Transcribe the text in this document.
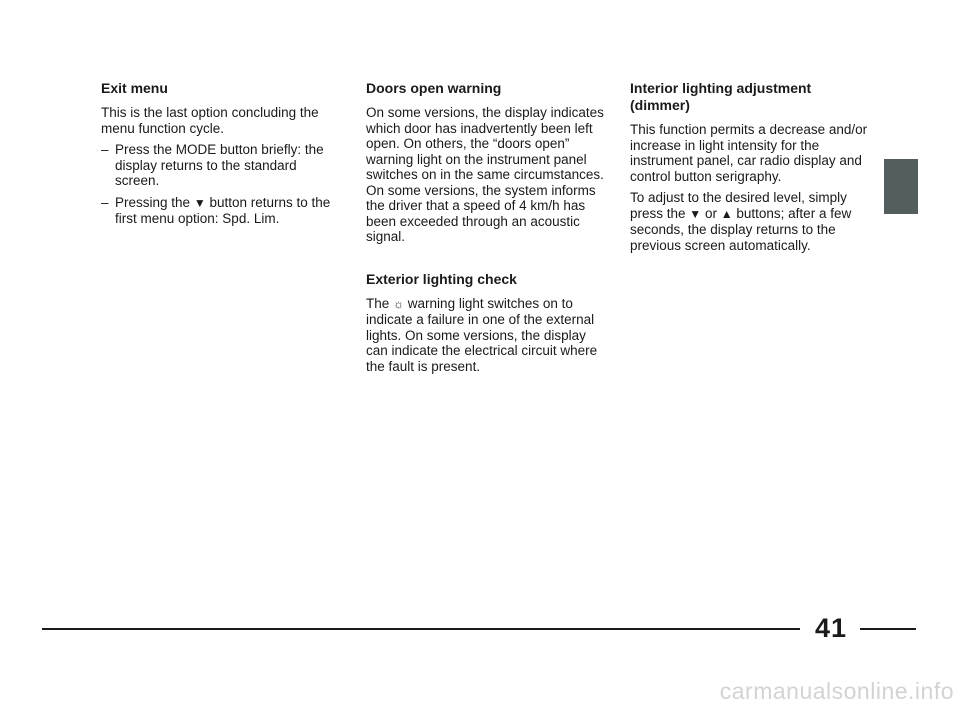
Exit menu

This is the last option concluding the menu function cycle.

– Press the MODE button briefly: the display returns to the standard screen.
– Pressing the ▼ button returns to the first menu option: Spd. Lim.
Doors open warning

On some versions, the display indicates which door has inadvertently been left open. On others, the “doors open” warning light on the instrument panel switches on in the same circumstances. On some versions, the system informs the driver that a speed of 4 km/h has been exceeded through an acoustic signal.

Exterior lighting check

The ☼ warning light switches on to indicate a failure in one of the external lights. On some versions, the display can indicate the electrical circuit where the fault is present.

Interior lighting adjustment (dimmer)

This function permits a decrease and/or increase in light intensity for the instrument panel, car radio display and control button serigraphy.

To adjust to the desired level, simply press the ▼ or ▲ buttons; after a few seconds, the display returns to the previous screen automatically.

41
carmanualsonline.info
